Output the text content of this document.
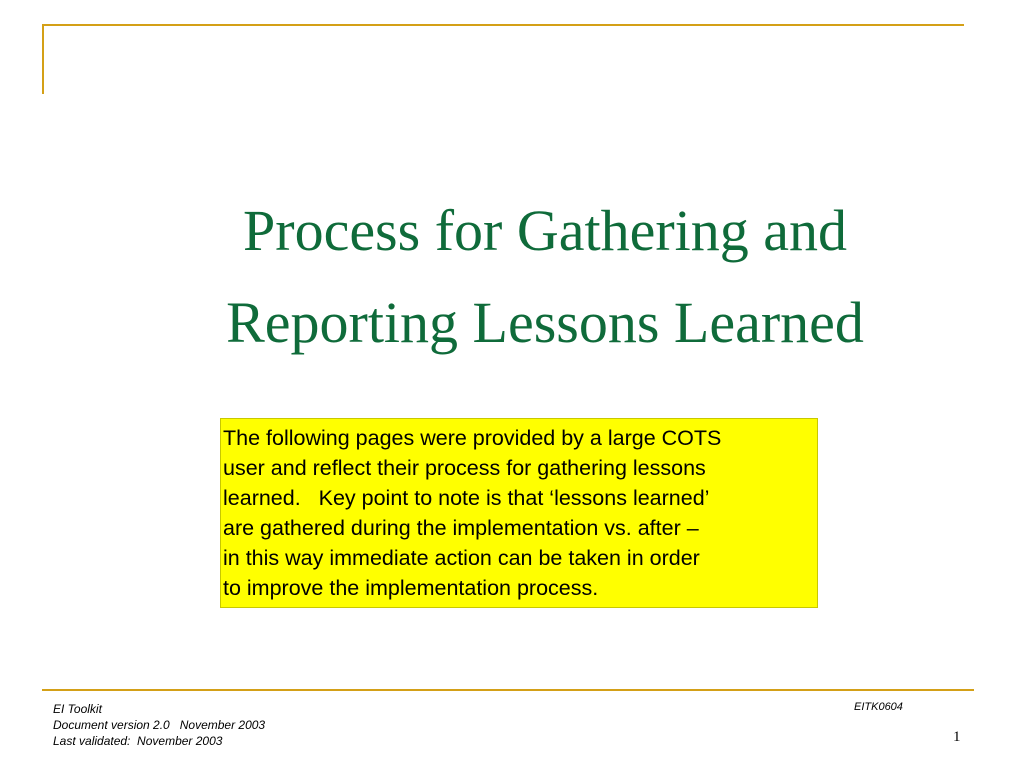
Process for Gathering and
Reporting Lessons Learned
The following pages were provided by a large COTS
user and reflect their process for gathering lessons
learned.   Key point to note is that ‘lessons learned’
are gathered during the implementation vs. after –
in this way immediate action can be taken in order
to improve the implementation process.
EI Toolkit
Document version 2.0   November 2003
Last validated:  November 2003
EITK0604
1
